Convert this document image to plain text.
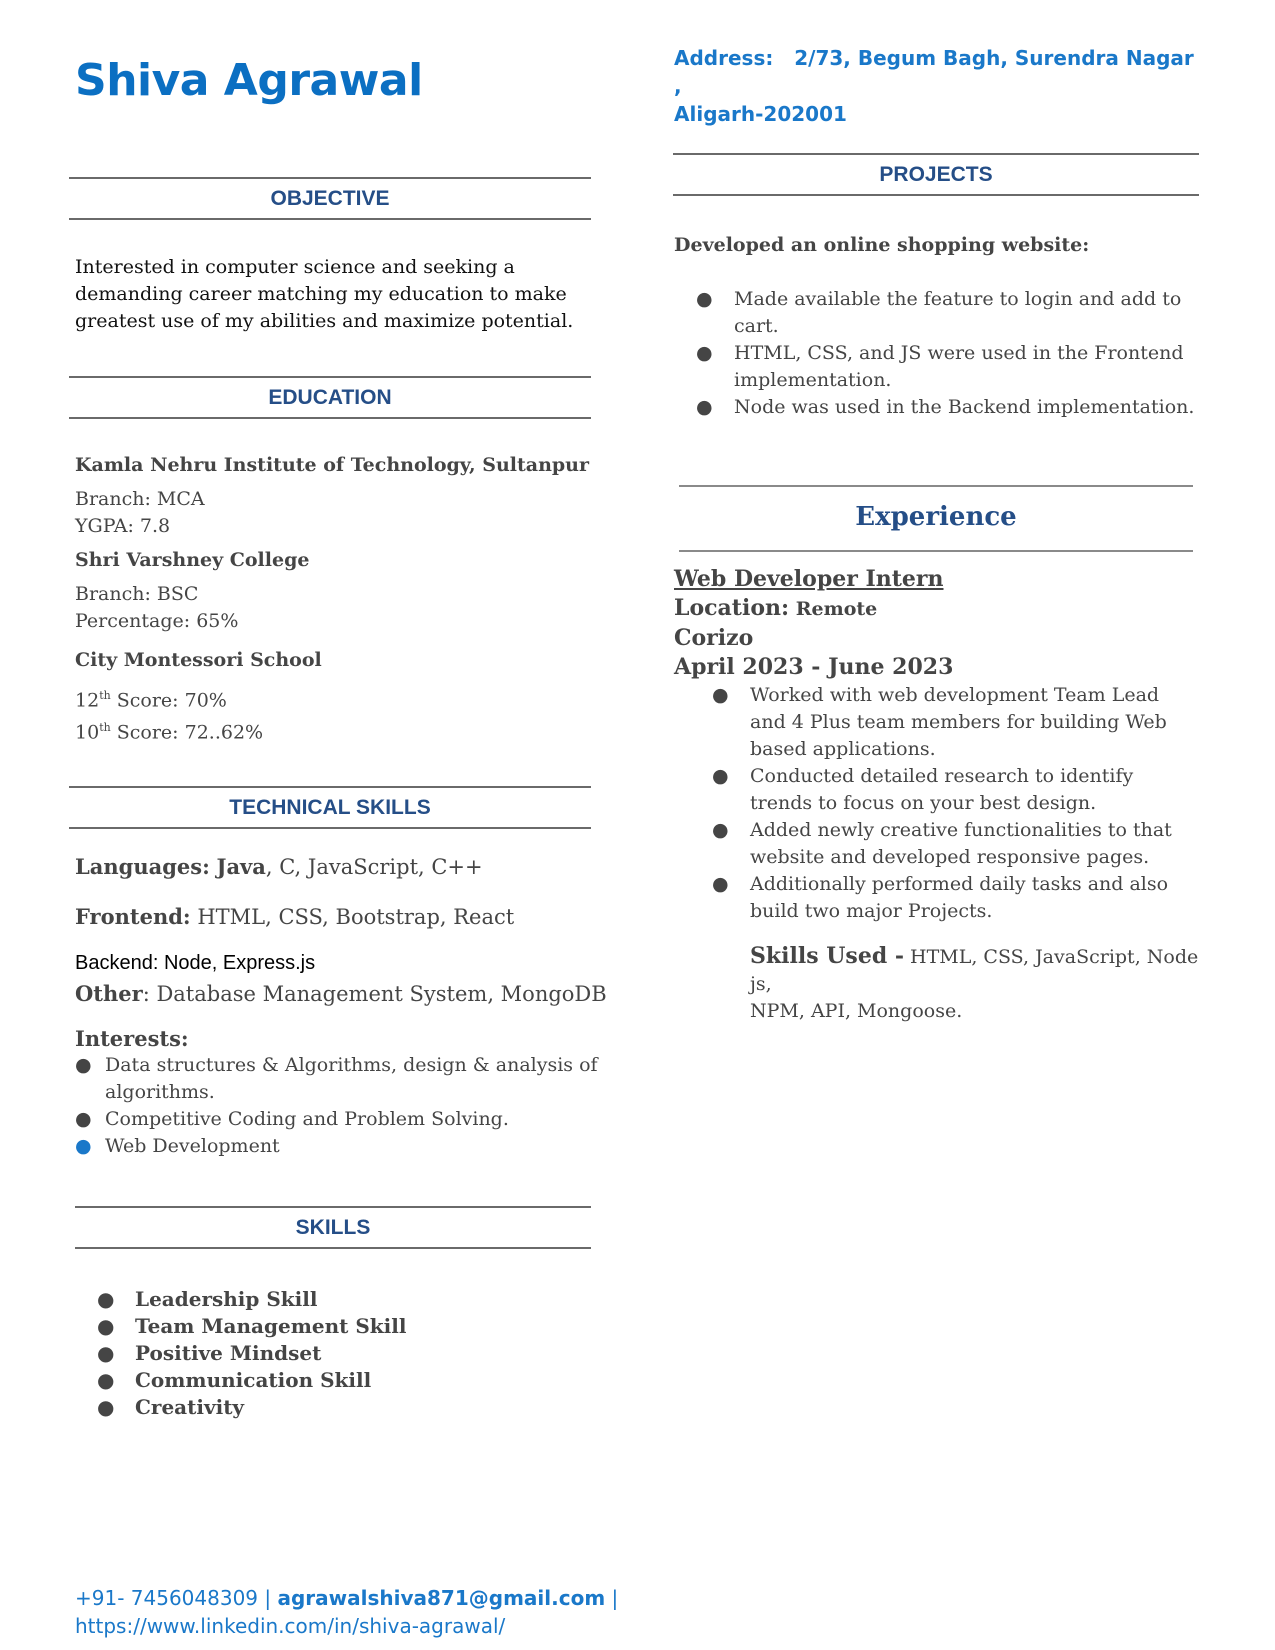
Shiva Agrawal	Address: 2/73, Begum Bagh, Surendra Nagar ,
Aligarh-202001
OBJECTIVE
Interested in computer science and seeking a
demanding career matching my education to make
greatest use of my abilities and maximize potential.
EDUCATION
Kamla Nehru Institute of Technology, Sultanpur
Branch: MCA
YGPA: 7.8
Shri Varshney College
Branch: BSC
Percentage: 65%
City Montessori School
12th Score: 70%
10th Score: 72..62%
TECHNICAL SKILLS
Languages: Java, C, JavaScript, C++
Frontend: HTML, CSS, Bootstrap, React
Backend: Node, Express.js
Other: Database Management System, MongoDB
Interests:
● Data structures & Algorithms, design & analysis of
algorithms.
● Competitive Coding and Problem Solving.
● Web Development
SKILLS
● Leadership Skill
● Team Management Skill
● Positive Mindset
● Communication Skill
● Creativity
+91- 7456048309 | agrawalshiva871@gmail.com |
https://www.linkedin.com/in/shiva-agrawal/
PROJECTS
Developed an online shopping website:
● Made available the feature to login and add to
cart.
● HTML, CSS, and JS were used in the Frontend
implementation.
● Node was used in the Backend implementation.
Experience
Web Developer Intern
Location: Remote
Corizo
April 2023 - June 2023
● Worked with web development Team Lead
and 4 Plus team members for building Web
based applications.
● Conducted detailed research to identify
trends to focus on your best design.
● Added newly creative functionalities to that
website and developed responsive pages.
● Additionally performed daily tasks and also
build two major Projects.
Skills Used - HTML, CSS, JavaScript, Node js,
NPM, API, Mongoose.
